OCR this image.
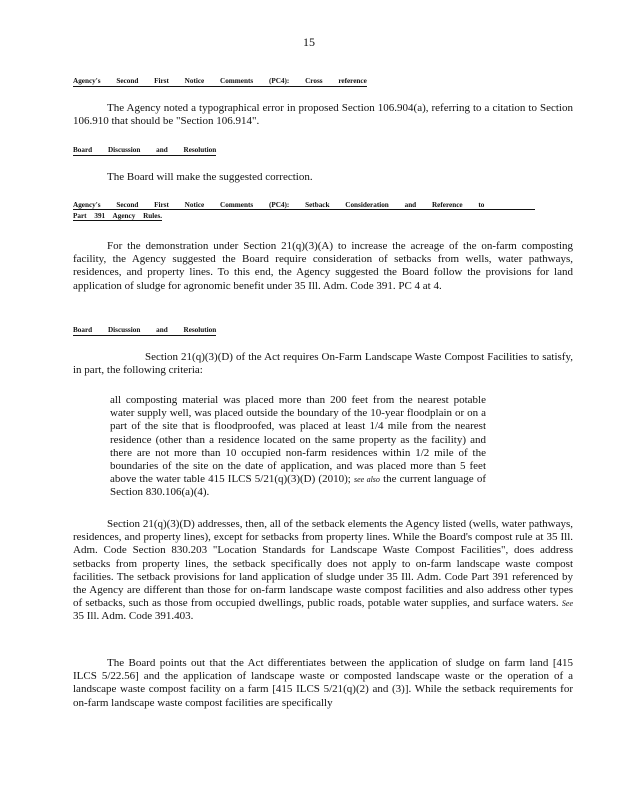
15
Agency's Second First Notice Comments (PC4): Cross reference
The Agency noted a typographical error in proposed Section 106.904(a), referring to a citation to Section 106.910 that should be "Section 106.914".
Board Discussion and Resolution
The Board will make the suggested correction.
Agency's Second First Notice Comments (PC4): Setback Consideration and Reference to
Part 391 Agency Rules.
For the demonstration under Section 21(q)(3)(A) to increase the acreage of the on-farm composting facility, the Agency suggested the Board require consideration of setbacks from wells, water pathways, residences, and property lines. To this end, the Agency suggested the Board follow the provisions for land application of sludge for agronomic benefit under 35 Ill. Adm. Code 391. PC 4 at 4.
Board Discussion and Resolution
Section 21(q)(3)(D) of the Act requires On-Farm Landscape Waste Compost Facilities to satisfy, in part, the following criteria:
all composting material was placed more than 200 feet from the nearest potable water supply well, was placed outside the boundary of the 10-year floodplain or on a part of the site that is floodproofed, was placed at least 1/4 mile from the nearest residence (other than a residence located on the same property as the facility) and there are not more than 10 occupied non-farm residences within 1/2 mile of the boundaries of the site on the date of application, and was placed more than 5 feet above the water table 415 ILCS 5/21(q)(3)(D) (2010); see also the current language of Section 830.106(a)(4).
Section 21(q)(3)(D) addresses, then, all of the setback elements the Agency listed (wells, water pathways, residences, and property lines), except for setbacks from property lines. While the Board's compost rule at 35 Ill. Adm. Code Section 830.203 "Location Standards for Landscape Waste Compost Facilities", does address setbacks from property lines, the setback specifically does not apply to on-farm landscape waste compost facilities. The setback provisions for land application of sludge under 35 Ill. Adm. Code Part 391 referenced by the Agency are different than those for on-farm landscape waste compost facilities and also address other types of setbacks, such as those from occupied dwellings, public roads, potable water supplies, and surface waters. See 35 Ill. Adm. Code 391.403.
The Board points out that the Act differentiates between the application of sludge on farm land [415 ILCS 5/22.56] and the application of landscape waste or composted landscape waste or the operation of a landscape waste compost facility on a farm [415 ILCS 5/21(q)(2) and (3)]. While the setback requirements for on-farm landscape waste compost facilities are specifically
